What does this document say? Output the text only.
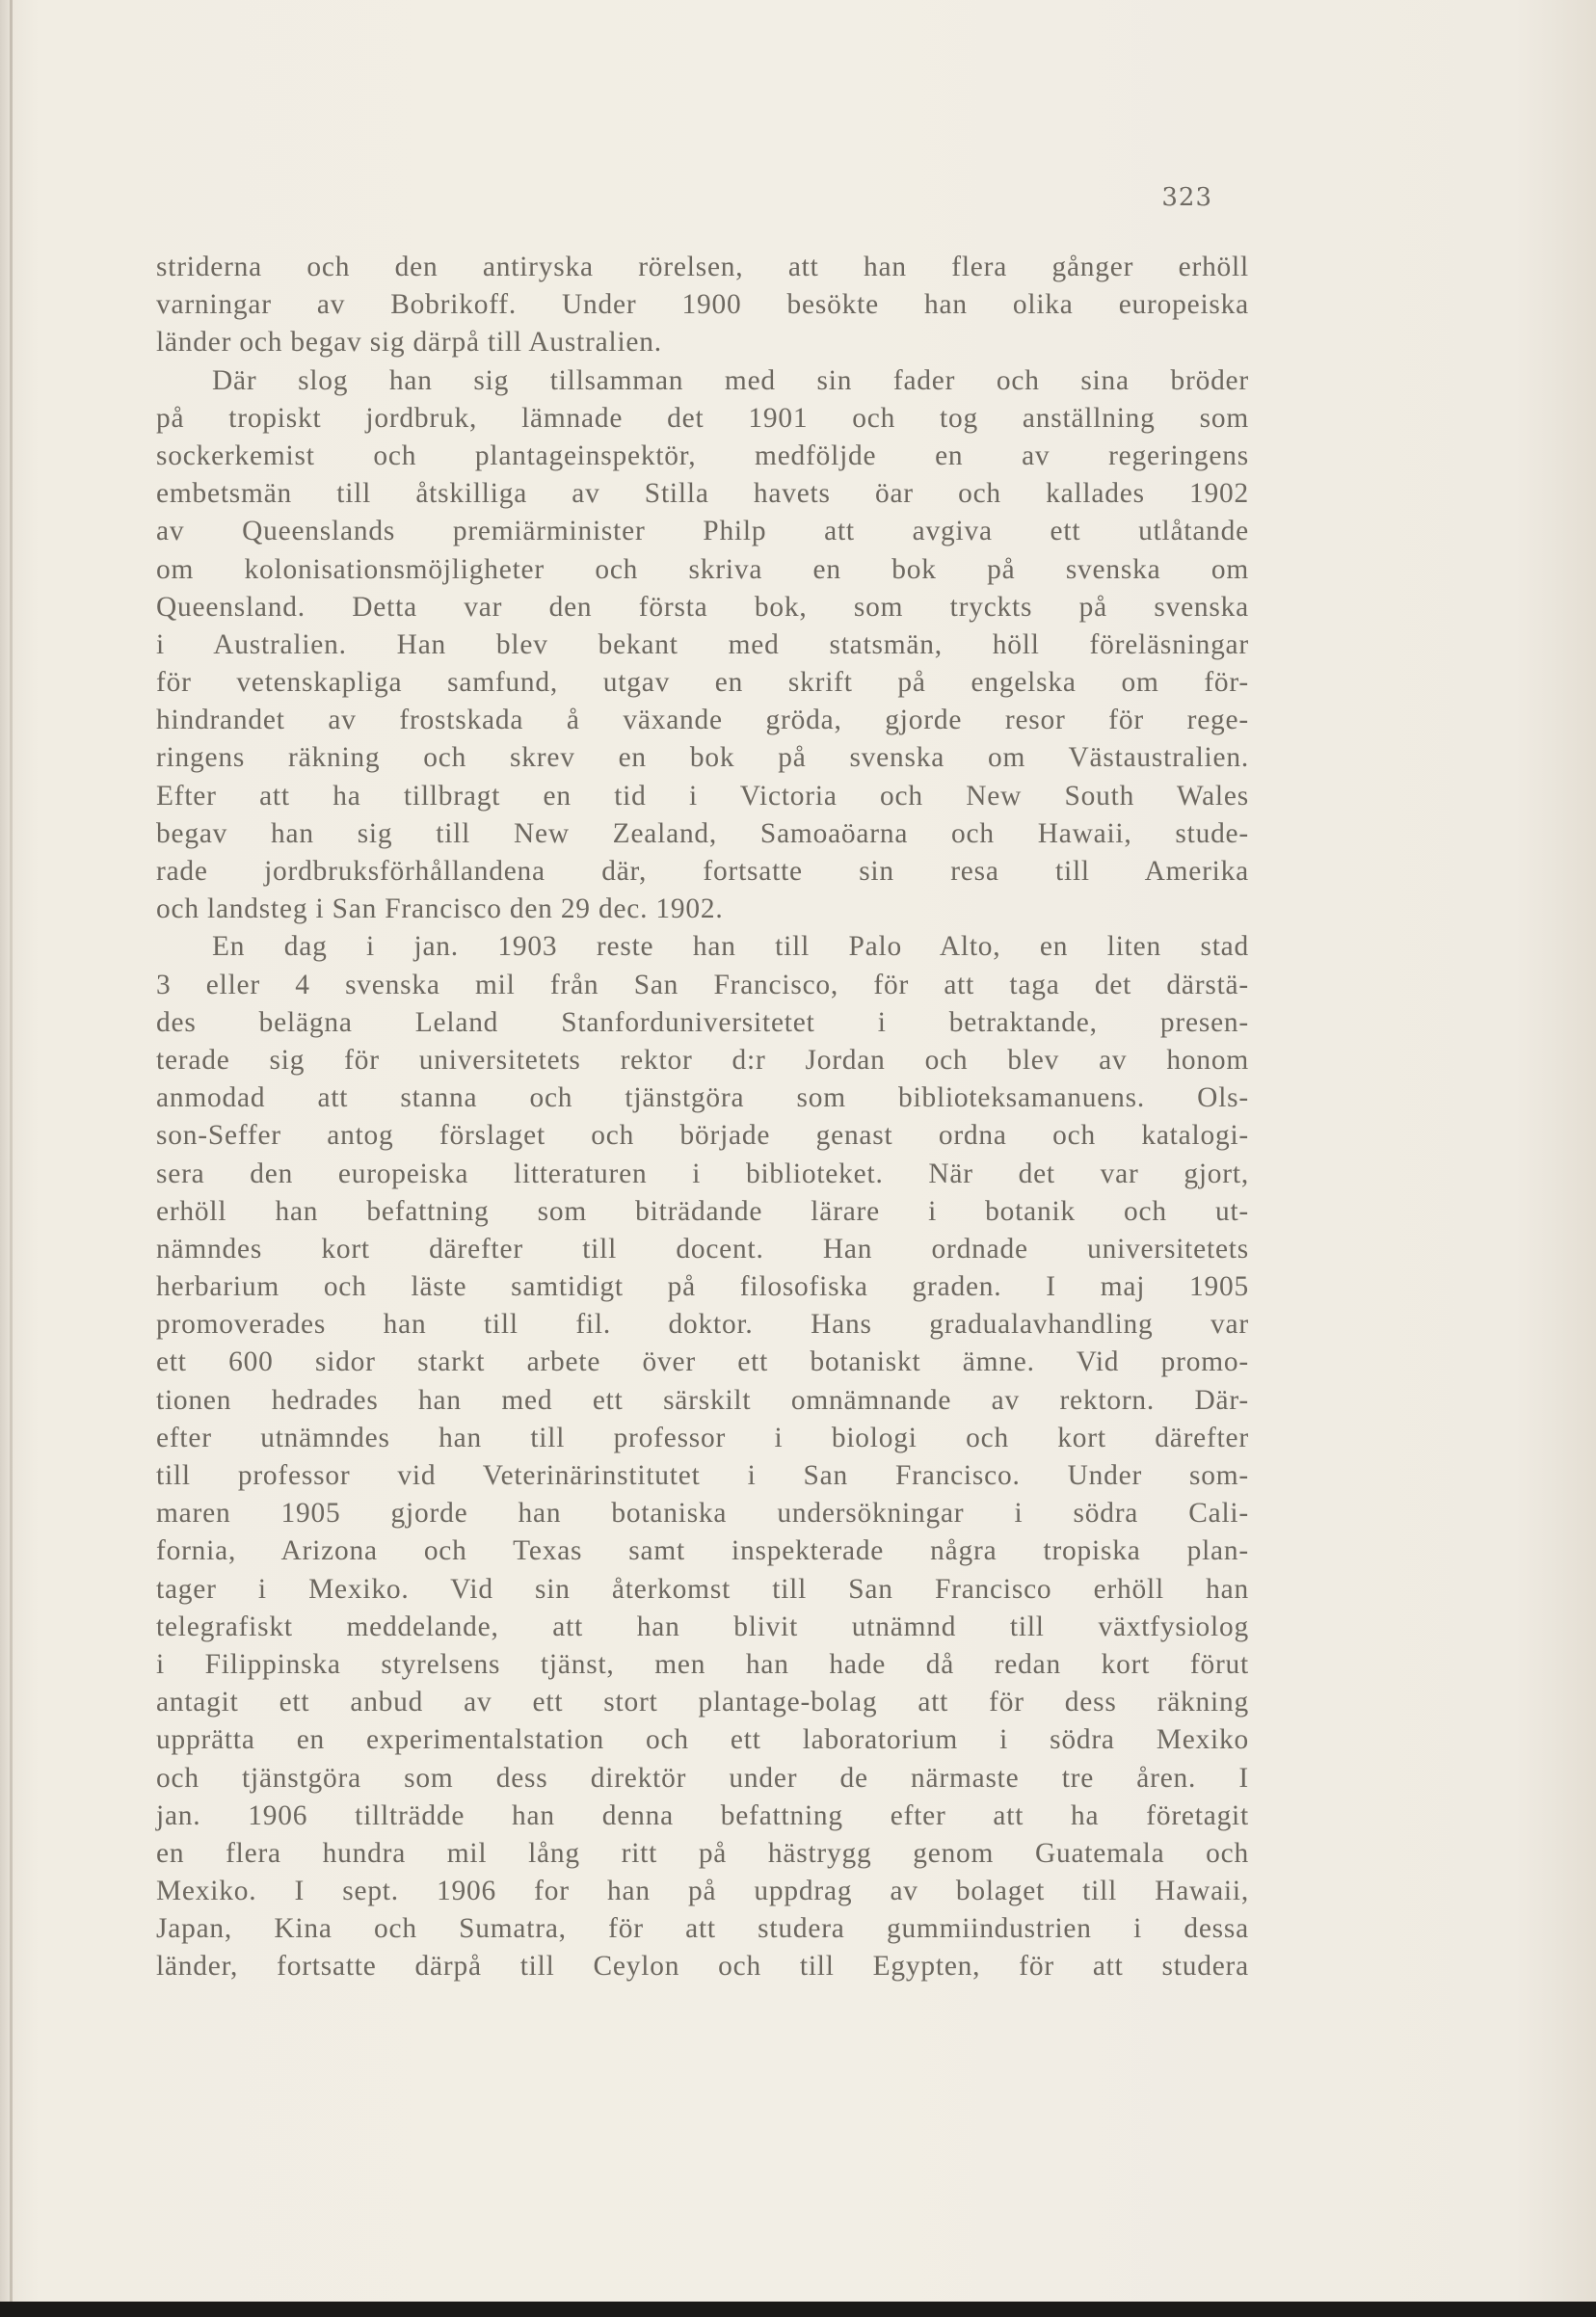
323
striderna och den antiryska rörelsen, att han flera gånger erhöll
varningar av Bobrikoff. Under 1900 besökte han olika europeiska
länder och begav sig därpå till Australien.
Där slog han sig tillsamman med sin fader och sina bröder
på tropiskt jordbruk, lämnade det 1901 och tog anställning som
sockerkemist och plantageinspektör, medföljde en av regeringens
embetsmän till åtskilliga av Stilla havets öar och kallades 1902
av Queenslands premiärminister Philp att avgiva ett utlåtande
om kolonisationsmöjligheter och skriva en bok på svenska om
Queensland. Detta var den första bok, som tryckts på svenska
i Australien. Han blev bekant med statsmän, höll föreläsningar
för vetenskapliga samfund, utgav en skrift på engelska om för-
hindrandet av frostskada å växande gröda, gjorde resor för rege-
ringens räkning och skrev en bok på svenska om Västaustralien.
Efter att ha tillbragt en tid i Victoria och New South Wales
begav han sig till New Zealand, Samoaöarna och Hawaii, stude-
rade jordbruksförhållandena där, fortsatte sin resa till Amerika
och landsteg i San Francisco den 29 dec. 1902.
En dag i jan. 1903 reste han till Palo Alto, en liten stad
3 eller 4 svenska mil från San Francisco, för att taga det därstä-
des belägna Leland Stanforduniversitetet i betraktande, presen-
terade sig för universitetets rektor d:r Jordan och blev av honom
anmodad att stanna och tjänstgöra som biblioteksamanuens. Ols-
son-Seffer antog förslaget och började genast ordna och katalogi-
sera den europeiska litteraturen i biblioteket. När det var gjort,
erhöll han befattning som biträdande lärare i botanik och ut-
nämndes kort därefter till docent. Han ordnade universitetets
herbarium och läste samtidigt på filosofiska graden. I maj 1905
promoverades han till fil. doktor. Hans gradualavhandling var
ett 600 sidor starkt arbete över ett botaniskt ämne. Vid promo-
tionen hedrades han med ett särskilt omnämnande av rektorn. Där-
efter utnämndes han till professor i biologi och kort därefter
till professor vid Veterinärinstitutet i San Francisco. Under som-
maren 1905 gjorde han botaniska undersökningar i södra Cali-
fornia, Arizona och Texas samt inspekterade några tropiska plan-
tager i Mexiko. Vid sin återkomst till San Francisco erhöll han
telegrafiskt meddelande, att han blivit utnämnd till växtfysiolog
i Filippinska styrelsens tjänst, men han hade då redan kort förut
antagit ett anbud av ett stort plantage-bolag att för dess räkning
upprätta en experimentalstation och ett laboratorium i södra Mexiko
och tjänstgöra som dess direktör under de närmaste tre åren. I
jan. 1906 tillträdde han denna befattning efter att ha företagit
en flera hundra mil lång ritt på hästrygg genom Guatemala och
Mexiko. I sept. 1906 for han på uppdrag av bolaget till Hawaii,
Japan, Kina och Sumatra, för att studera gummiindustrien i dessa
länder, fortsatte därpå till Ceylon och till Egypten, för att studera
